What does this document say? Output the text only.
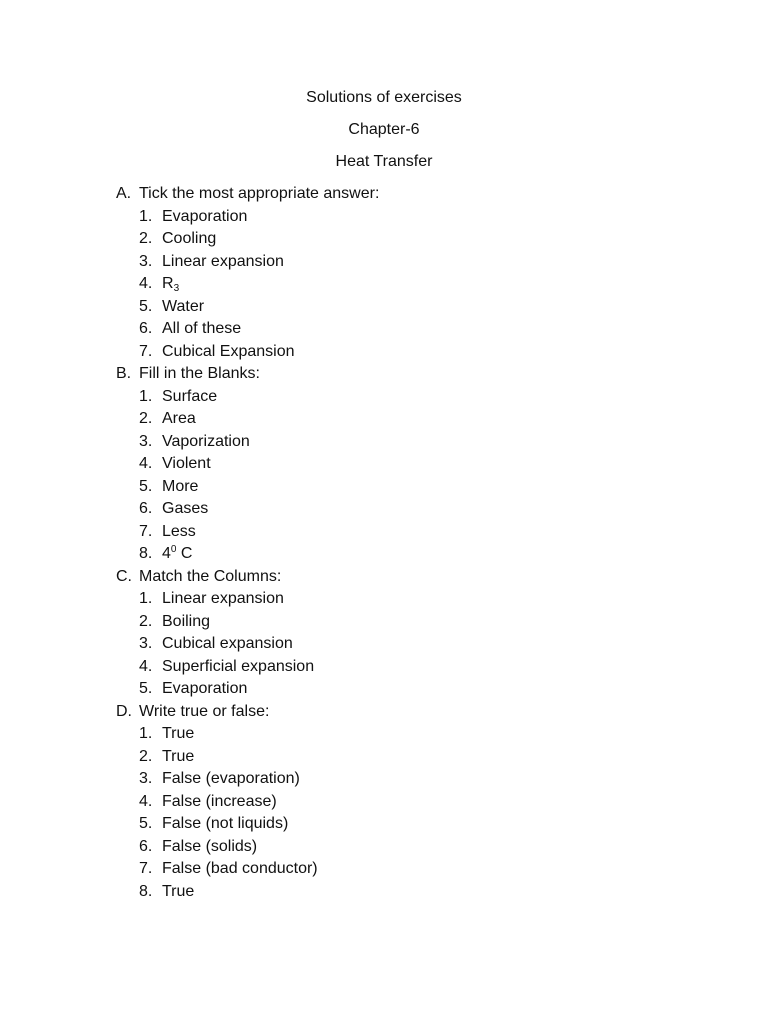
Solutions of exercises
Chapter-6
Heat Transfer
A. Tick the most appropriate answer:
1. Evaporation
2. Cooling
3. Linear expansion
4. R3
5. Water
6. All of these
7. Cubical Expansion
B. Fill in the Blanks:
1. Surface
2. Area
3. Vaporization
4. Violent
5. More
6. Gases
7. Less
8. $4^0$ C
C. Match the Columns:
1. Linear expansion
2. Boiling
3. Cubical expansion
4. Superficial expansion
5. Evaporation
D. Write true or false:
1. True
2. True
3. False (evaporation)
4. False (increase)
5. False (not liquids)
6. False (solids)
7. False (bad conductor)
8. True
